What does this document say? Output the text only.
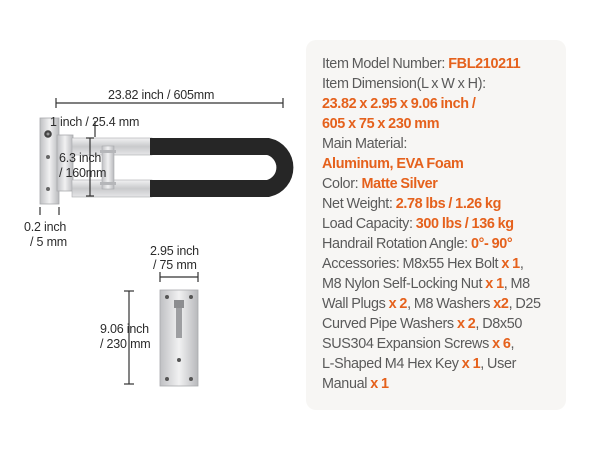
23.82 inch / 605mm
1 inch / 25.4 mm
6.3 inch
/ 160mm
0.2 inch
/ 5 mm
2.95 inch
/ 75 mm
9.06 inch
/ 230 mm
Item Model Number: FBL210211
Item Dimension(L x W x H):
23.82 x 2.95 x 9.06 inch /
605 x 75 x 230 mm
Main Material:
Aluminum, EVA Foam
Color: Matte Silver
Net Weight: 2.78 lbs / 1.26 kg
Load Capacity: 300 lbs / 136 kg
Handrail Rotation Angle: 0°- 90°
Accessories: M8x55 Hex Bolt x 1,
M8 Nylon Self-Locking Nut x 1, M8
Wall Plugs x 2, M8 Washers x2, D25
Curved Pipe Washers x 2, D8x50
SUS304 Expansion Screws x 6,
L-Shaped M4 Hex Key x 1, User
Manual x 1
